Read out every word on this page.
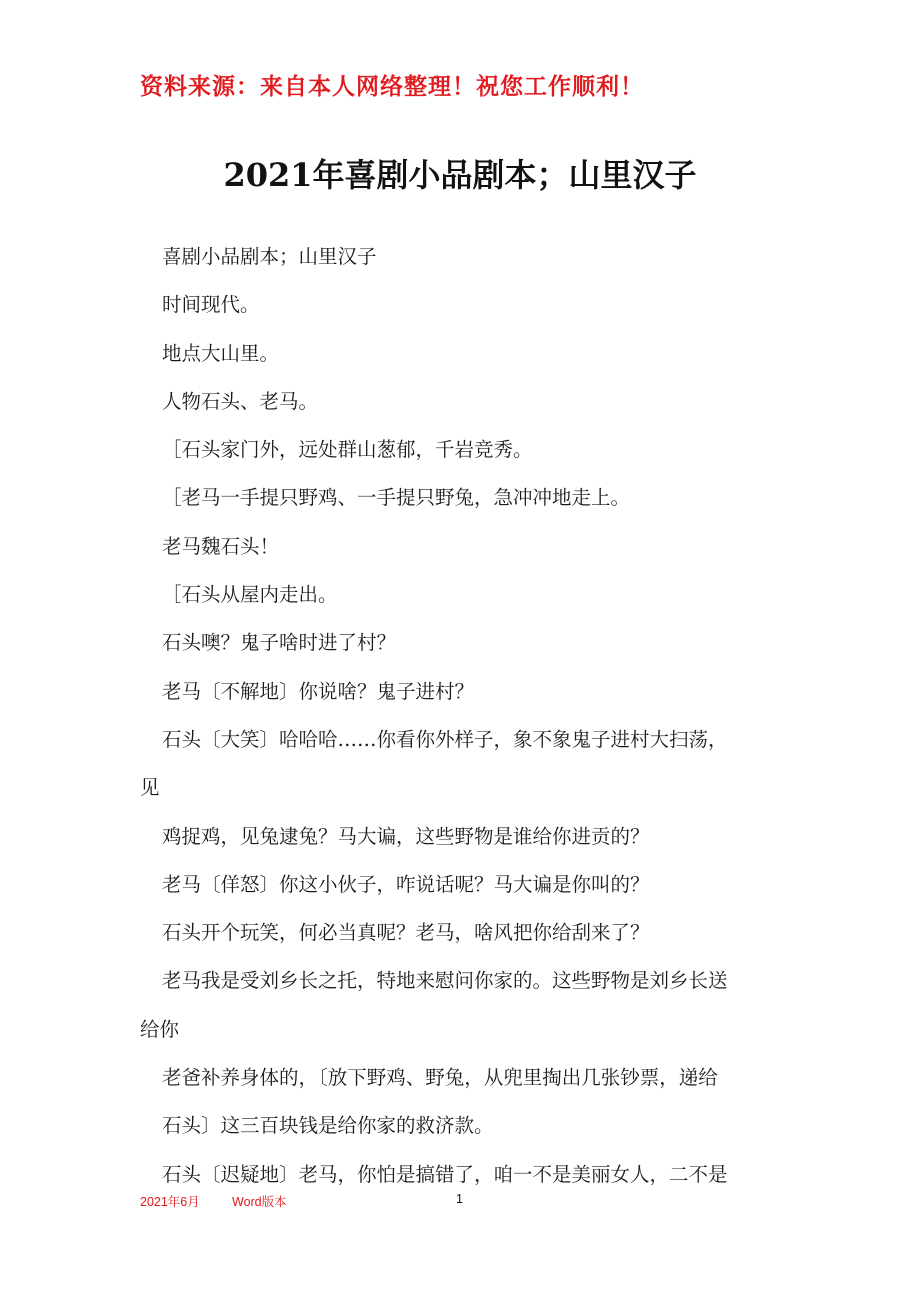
资料来源：来自本人网络整理！祝您工作顺利！
2021年喜剧小品剧本；山里汉子

喜剧小品剧本；山里汉子

时间现代。

地点大山里。

人物石头、老马。

［石头家门外，远处群山葱郁，千岩竞秀。

［老马一手提只野鸡、一手提只野兔，急冲冲地走上。

老马魏石头！

［石头从屋内走出。

石头噢？鬼子啥时进了村？

老马〔不解地〕你说啥？鬼子进村？

石头〔大笑〕哈哈哈……你看你外样子，象不象鬼子进村大扫荡，

见

鸡捉鸡，见兔逮兔？马大谝，这些野物是谁给你进贡的？

老马〔佯怒〕你这小伙子，咋说话呢？马大谝是你叫的？

石头开个玩笑，何必当真呢？老马，啥风把你给刮来了？

老马我是受刘乡长之托，特地来慰问你家的。这些野物是刘乡长送

给你

老爸补养身体的，〔放下野鸡、野兔，从兜里掏出几张钞票，递给

石头〕这三百块钱是给你家的救济款。

石头〔迟疑地〕老马，你怕是搞错了，咱一不是美丽女人，二不是

2021年6月	Word版本	1
